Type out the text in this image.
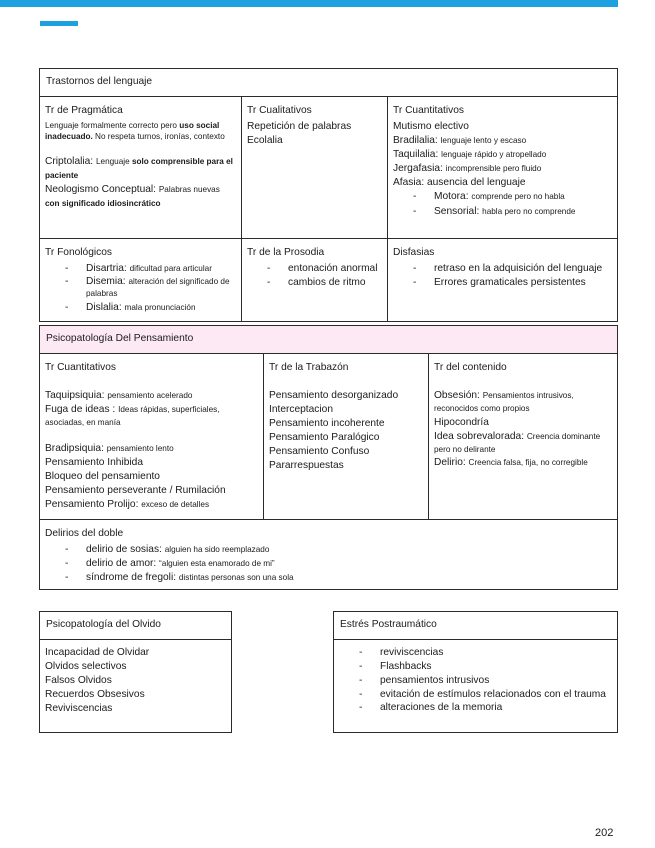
Trastornos del lenguaje
Tr de Pragmática
Lenguaje formalmente correcto pero uso social inadecuado. No respeta turnos, ironías, contexto
Criptolalia: Lenguaje solo comprensible para el paciente
Neologismo Conceptual: Palabras nuevas con significado idiosincrático
Tr Cualitativos
Repetición de palabras
Ecolalia
Tr Cuantitativos
Mutismo electivo
Bradilalia: lenguaje lento y escaso
Taquilalia: lenguaje rápido y atropellado
Jergafasia: incomprensible pero fluido
Afasia: ausencia del lenguaje
- Motora: comprende pero no habla
- Sensorial: habla pero no comprende
Tr Fonológicos
- Disartria: dificultad para articular
- Disemia: alteración del significado de palabras
- Dislalia: mala pronunciación
Tr de la Prosodia
- entonación anormal
- cambios de ritmo
Disfasias
- retraso en la adquisición del lenguaje
- Errores gramaticales persistentes
Psicopatología Del Pensamiento
Tr Cuantitativos
Taquipsiquia: pensamiento acelerado
Fuga de ideas : Ideas rápidas, superficiales, asociadas, en manía
Bradipsiquia: pensamiento lento
Pensamiento Inhibida
Bloqueo del pensamiento
Pensamiento perseverante / Rumilación
Pensamiento Prolijo: exceso de detalles
Tr de la Trabazón
Pensamiento desorganizado
Interceptacion
Pensamiento incoherente
Pensamiento Paralógico
Pensamiento Confuso
Pararrespuestas
Tr del contenido
Obsesión: Pensamientos intrusivos, reconocidos como propios
Hipocondría
Idea sobrevalorada: Creencia dominante pero no delirante
Delirio: Creencia falsa, fija, no corregible
Delirios del doble
- delirio de sosias: alguien ha sido reemplazado
- delirio de amor: “alguien esta enamorado de mi”
- síndrome de fregoli: distintas personas son una sola
Psicopatología del Olvido
Incapacidad de Olvidar
Olvidos selectivos
Falsos Olvidos
Recuerdos Obsesivos
Reviviscencias
Estrés Postraumático
- reviviscencias
- Flashbacks
- pensamientos intrusivos
- evitación de estímulos relacionados con el trauma
- alteraciones de la memoria
202
